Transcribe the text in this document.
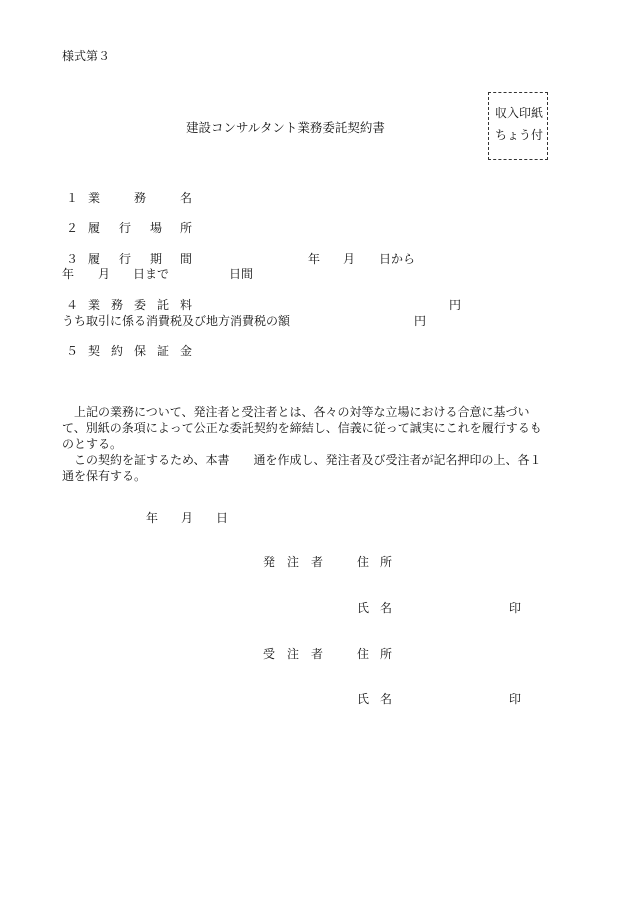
様式第３
収入印紙
ちょう付
建設コンサルタント業務委託契約書
１ 業	務	名
２ 履 行 場 所
３ 履 行 期 間	年 月 日から
年 月 日まで	日間
４ 業 務 委 託 料	円
うち取引に係る消費税及び地方消費税の額	円
５ 契 約 保 証 金

上記の業務について、発注者と受注者とは、各々の対等な立場における合意に基づいて、別紙の条項によって公正な委託契約を締結し、信義に従って誠実にこれを履行するものとする。

この契約を証するため、本書　　通を作成し、発注者及び受注者が記名押印の上、各１通を保有する。

年 月 日
発 注 者	住 所
氏 名	印
受 注 者	住 所
氏 名	印
